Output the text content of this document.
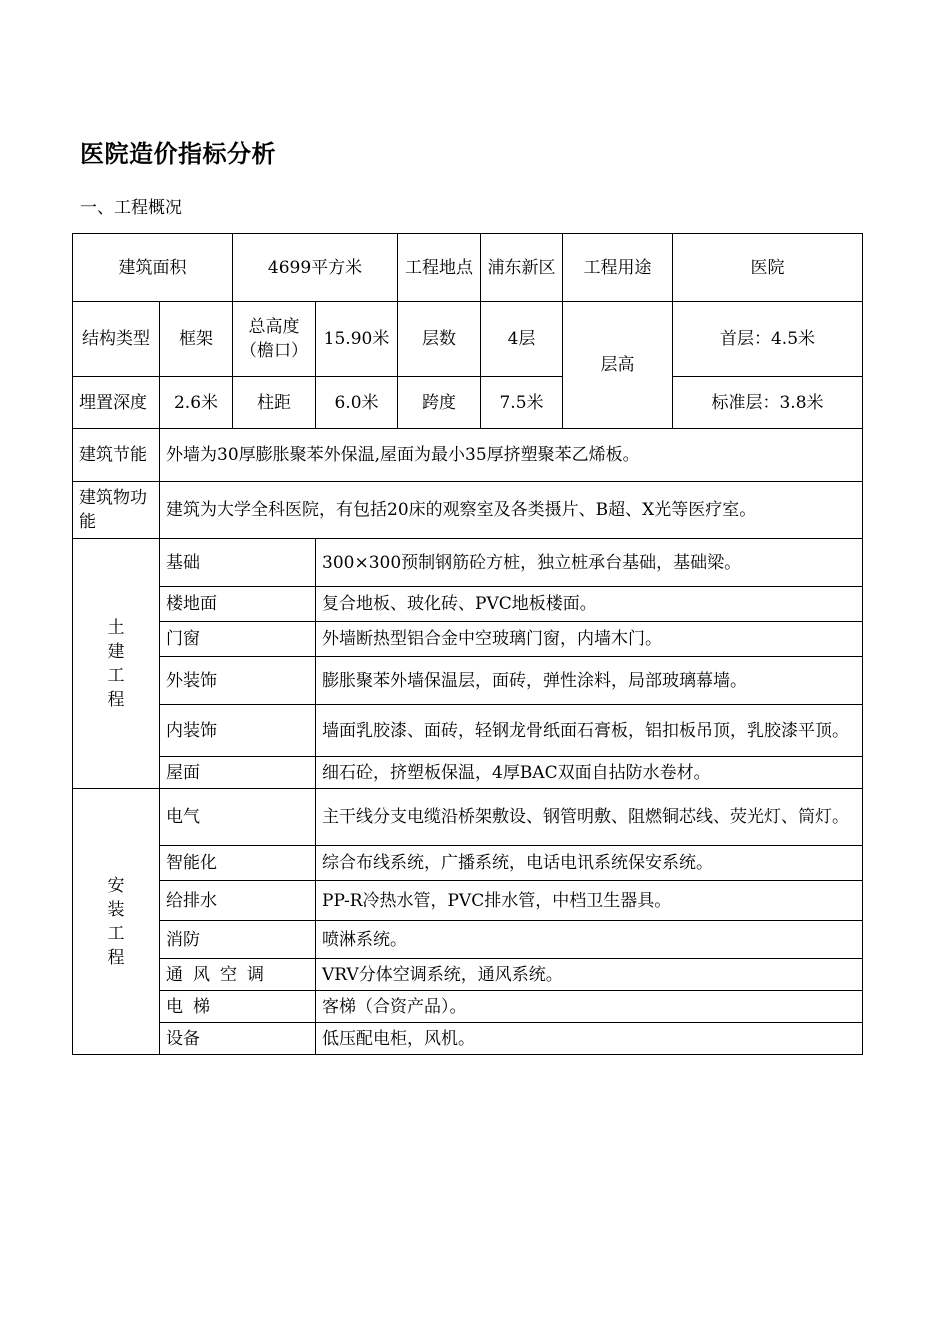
医院造价指标分析
一、工程概况
建筑面积		4699平方米		工程地点	浦东新区	工程用途	医院
结构类型	框架	总高度（檐口）	15.90米	层数	4层	层高	首层：4.5米
埋置深度	2.6米	柱距	6.0米	跨度	7.5米		标准层：3.8米
建筑节能	外墙为30厚膨胀聚苯外保温,屋面为最小35厚挤塑聚苯乙烯板。						
建筑物功能	建筑为大学全科医院，有包括20床的观察室及各类摄片、B超、X光等医疗室。						

土
建
工
程	基础		300×300预制钢筋砼方桩，独立桩承台基础，基础梁。				
	楼地面		复合地板、玻化砖、PVC地板楼面。				
	门窗		外墙断热型铝合金中空玻璃门窗，内墙木门。				
	外装饰		膨胀聚苯外墙保温层，面砖，弹性涂料，局部玻璃幕墙。				
	内装饰		墙面乳胶漆、面砖，轻钢龙骨纸面石膏板，铝扣板吊顶，乳胶漆平顶。				
	屋面		细石砼，挤塑板保温，4厚BAC双面自拈防水卷材。				

安
装
工
程	电气		主干线分支电缆沿桥架敷设、钢管明敷、阻燃铜芯线、荧光灯、筒灯。				
	智能化		综合布线系统，广播系统，电话电讯系统保安系统。				
	给排水		PP-R冷热水管，PVC排水管，中档卫生器具。				
	消防		喷淋系统。				
	通风空调		VRV分体空调系统，通风系统。				
	电梯		客梯（合资产品）。				
	设备		低压配电柜，风机。				
